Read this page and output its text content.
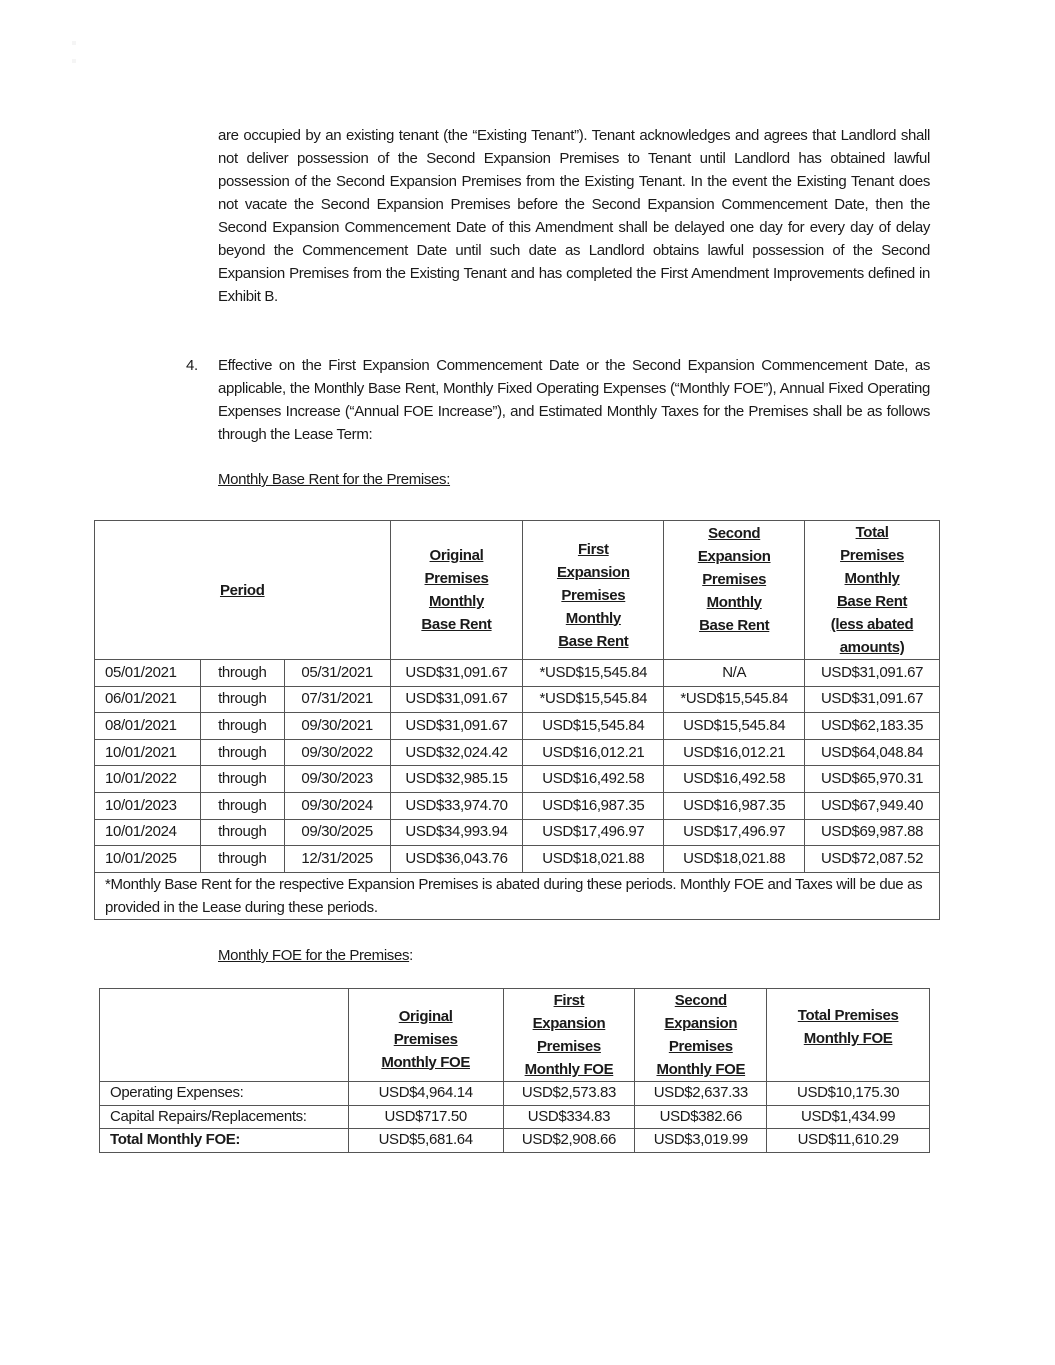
are occupied by an existing tenant (the “Existing Tenant”). Tenant acknowledges and agrees that Landlord shall not deliver possession of the Second Expansion Premises to Tenant until Landlord has obtained lawful possession of the Second Expansion Premises from the Existing Tenant. In the event the Existing Tenant does not vacate the Second Expansion Premises before the Second Expansion Commencement Date, then the Second Expansion Commencement Date of this Amendment shall be delayed one day for every day of delay beyond the Commencement Date until such date as Landlord obtains lawful possession of the Second Expansion Premises from the Existing Tenant and has completed the First Amendment Improvements defined in Exhibit B.
4. Effective on the First Expansion Commencement Date or the Second Expansion Commencement Date, as applicable, the Monthly Base Rent, Monthly Fixed Operating Expenses (“Monthly FOE”), Annual Fixed Operating Expenses Increase (“Annual FOE Increase”), and Estimated Monthly Taxes for the Premises shall be as follows through the Lease Term:
Monthly Base Rent for the Premises:
Period	Original
Premises
Monthly
Base Rent	First
Expansion
Premises
Monthly
Base Rent	Second
Expansion
Premises
Monthly
Base Rent	Total
Premises
Monthly
Base Rent
(less abated
amounts)
05/01/2021	through	05/31/2021	USD$31,091.67	*USD$15,545.84	N/A	USD$31,091.67
06/01/2021	through	07/31/2021	USD$31,091.67	*USD$15,545.84	*USD$15,545.84	USD$31,091.67
08/01/2021	through	09/30/2021	USD$31,091.67	USD$15,545.84	USD$15,545.84	USD$62,183.35
10/01/2021	through	09/30/2022	USD$32,024.42	USD$16,012.21	USD$16,012.21	USD$64,048.84
10/01/2022	through	09/30/2023	USD$32,985.15	USD$16,492.58	USD$16,492.58	USD$65,970.31
10/01/2023	through	09/30/2024	USD$33,974.70	USD$16,987.35	USD$16,987.35	USD$67,949.40
10/01/2024	through	09/30/2025	USD$34,993.94	USD$17,496.97	USD$17,496.97	USD$69,987.88
10/01/2025	through	12/31/2025	USD$36,043.76	USD$18,021.88	USD$18,021.88	USD$72,087.52
*Monthly Base Rent for the respective Expansion Premises is abated during these periods. Monthly FOE and Taxes will be due as provided in the Lease during these periods.						
Monthly FOE for the Premises:
	Original
Premises
Monthly FOE	First
Expansion
Premises
Monthly FOE	Second
Expansion
Premises
Monthly FOE	Total Premises
Monthly FOE
Operating Expenses:	USD$4,964.14	USD$2,573.83	USD$2,637.33	USD$10,175.30
Capital Repairs/Replacements:	USD$717.50	USD$334.83	USD$382.66	USD$1,434.99
Total Monthly FOE:	USD$5,681.64	USD$2,908.66	USD$3,019.99	USD$11,610.29
